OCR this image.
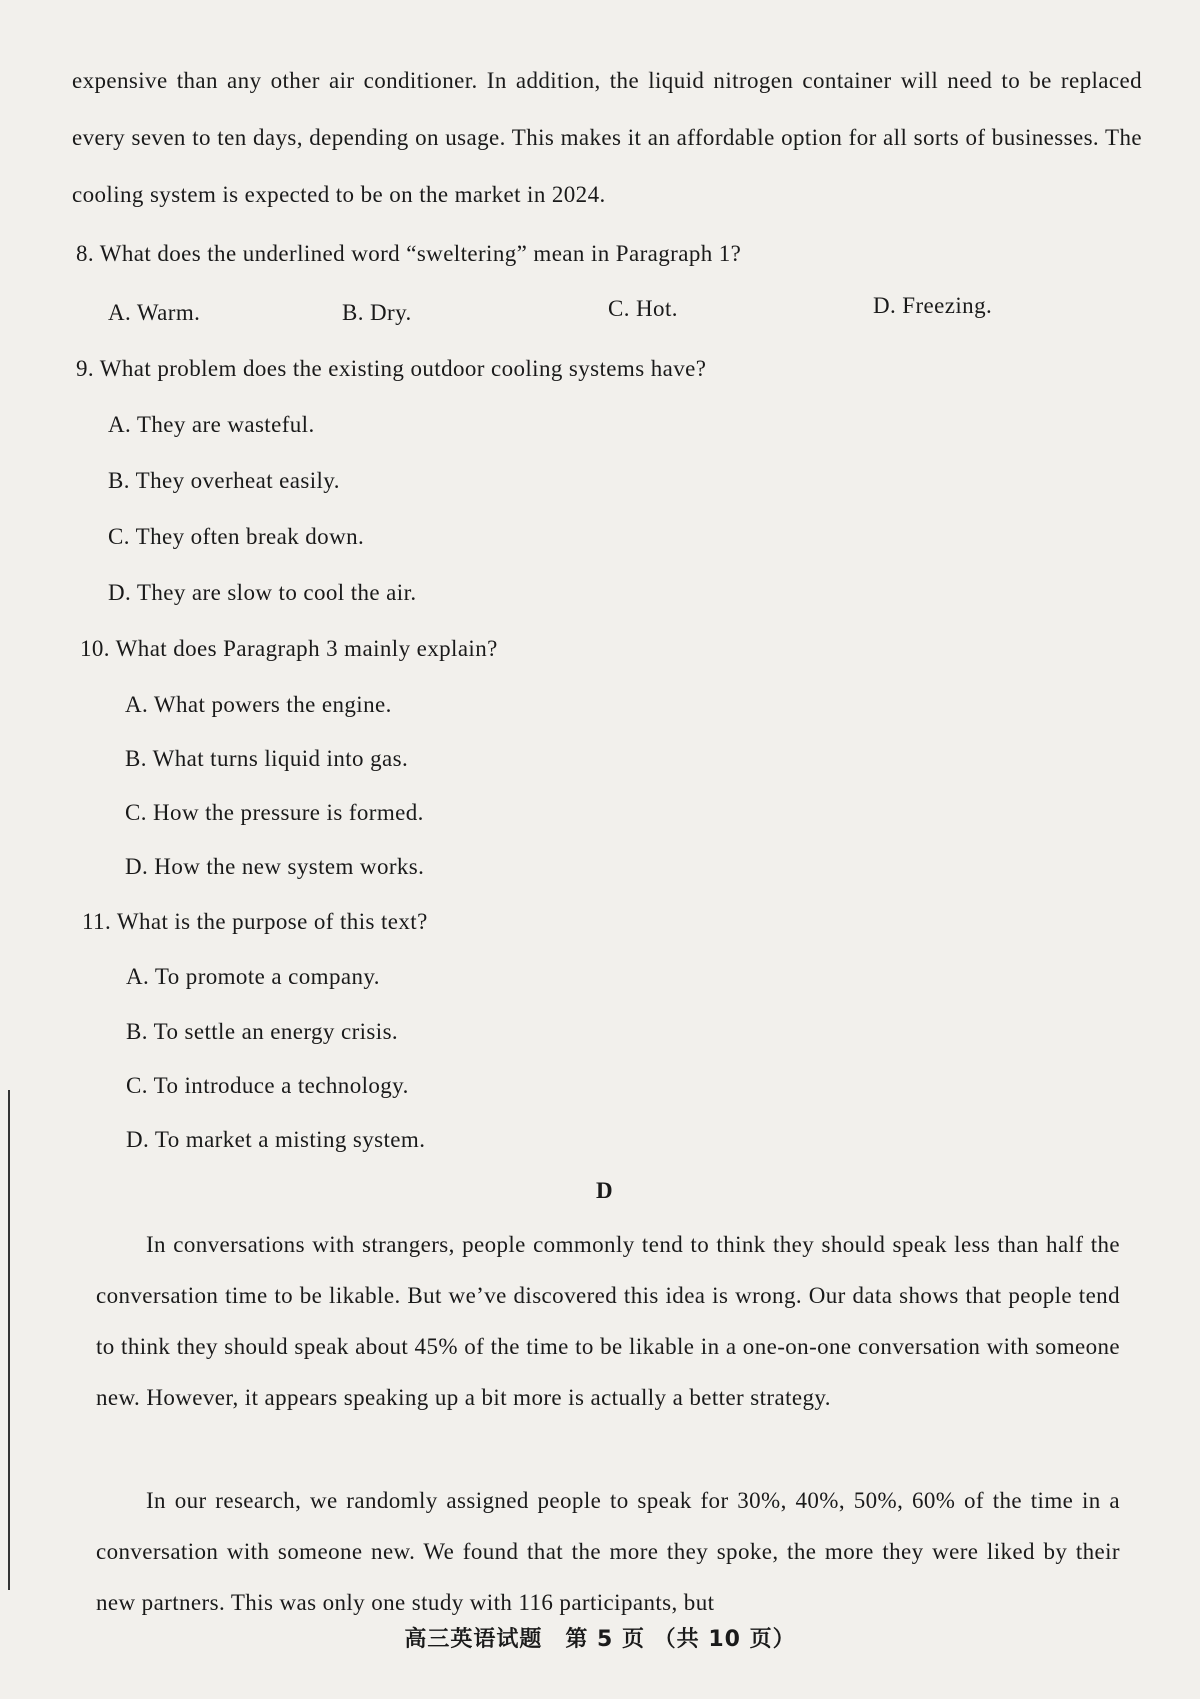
expensive than any other air conditioner. In addition, the liquid nitrogen container will need to be replaced every seven to ten days, depending on usage. This makes it an affordable option for all sorts of businesses. The cooling system is expected to be on the market in 2024.

8. What does the underlined word “sweltering” mean in Paragraph 1?
A. Warm.	B. Dry.	C. Hot.	D. Freezing.
9. What problem does the existing outdoor cooling systems have?
A. They are wasteful.
B. They overheat easily.
C. They often break down.
D. They are slow to cool the air.
10. What does Paragraph 3 mainly explain?
A. What powers the engine.
B. What turns liquid into gas.
C. How the pressure is formed.
D. How the new system works.
11. What is the purpose of this text?
A. To promote a company.
B. To settle an energy crisis.
C. To introduce a technology.
D. To market a misting system.
D

In conversations with strangers, people commonly tend to think they should speak less than half the conversation time to be likable. But we’ve discovered this idea is wrong. Our data shows that people tend to think they should speak about 45% of the time to be likable in a one-on-one conversation with someone new. However, it appears speaking up a bit more is actually a better strategy.

In our research, we randomly assigned people to speak for 30%, 40%, 50%, 60% of the time in a conversation with someone new. We found that the more they spoke, the more they were liked by their new partners. This was only one study with 116 participants, but

高三英语试题　第 5 页 （共 10 页）
